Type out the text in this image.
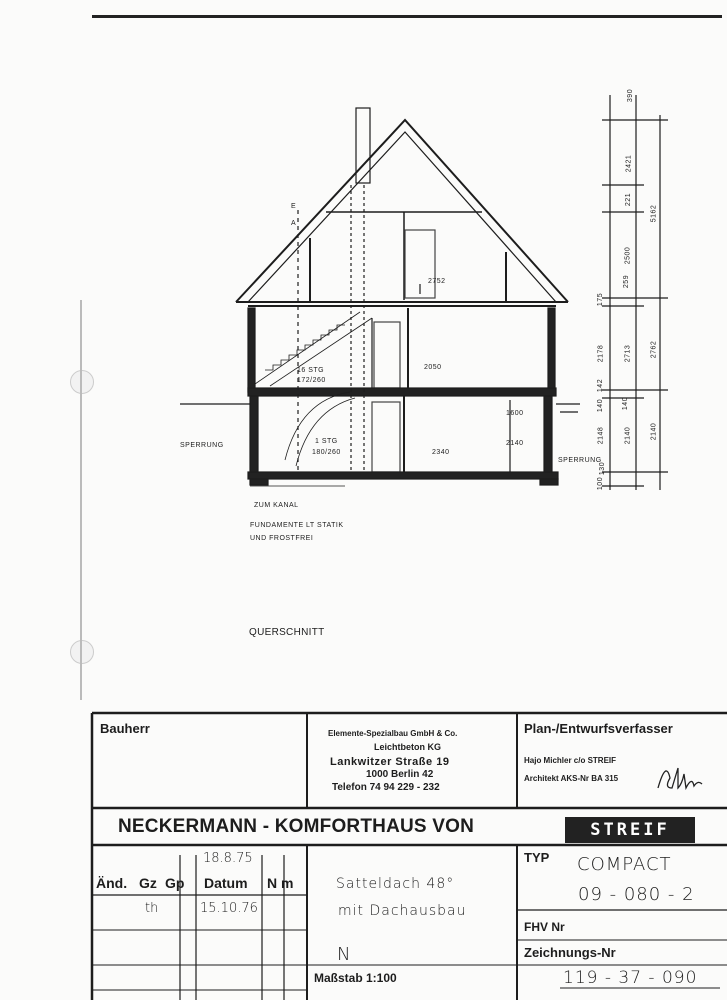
E
A
2752
16 STG
172/260
2050
1 STG
180/260	2340
2140
1600
SPERRUNG
SPERRUNG
ZUM KANAL
FUNDAMENTE LT STATIK
UND FROSTFREI
QUERSCHNITT
390
2421
221
5162
259
2500
2762
175
2178	2713
142
140
2140
2148
140
2140
130
100
Bauherr	Elemente-Spezialbau GmbH & Co.
Leichtbeton KG
Lankwitzer Straße 19
1000 Berlin 42
Telefon 74 94 229 - 232
Plan-/Entwurfsverfasser
Hajo Michler c/o STREIF
Architekt AKS-Nr BA 315
NECKERMANN - KOMFORTHAUS VON	STREIF
18.8.75
Änd. Gz Gp Datum N m
th	15.10.76
Satteldach 48°
mit Dachausbau
N
Maßstab 1:100
TYP COMPACT
09 - 080 - 2
FHV Nr
Zeichnungs-Nr
119 - 37 - 090
